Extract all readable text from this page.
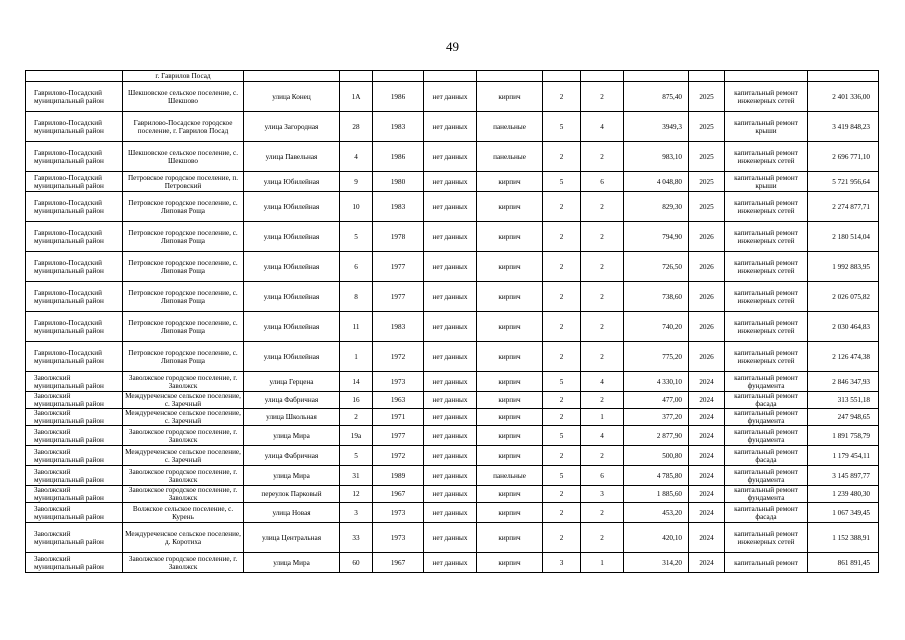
49
	г. Гаврилов Посад											
Гаврилово-Посадский муниципальный район	Шекшовское сельское поселение, с. Шекшово	улица Конец	1А	1986	нет данных	кирпич	2	2	875,40	2025	капитальный ремонт инженерных сетей	2 401 336,00
Гаврилово-Посадский муниципальный район	Гаврилово-Посадское городское поселение, г. Гаврилов Посад	улица Загородная	28	1983	нет данных	панельные	5	4	3949,3	2025	капитальный ремонт крыши	3 419 848,23
Гаврилово-Посадский муниципальный район	Шекшовское сельское поселение, с. Шекшово	улица Павельная	4	1986	нет данных	панельные	2	2	983,10	2025	капитальный ремонт инженерных сетей	2 696 771,10
Гаврилово-Посадский муниципальный район	Петровское городское поселение, п. Петровский	улица Юбилейная	9	1980	нет данных	кирпич	5	6	4 048,80	2025	капитальный ремонт крыши	5 721 956,64
Гаврилово-Посадский муниципальный район	Петровское городское поселение, с. Липовая Роща	улица Юбилейная	10	1983	нет данных	кирпич	2	2	829,30	2025	капитальный ремонт инженерных сетей	2 274 877,71
Гаврилово-Посадский муниципальный район	Петровское городское поселение, с. Липовая Роща	улица Юбилейная	5	1978	нет данных	кирпич	2	2	794,90	2026	капитальный ремонт инженерных сетей	2 180 514,04
Гаврилово-Посадский муниципальный район	Петровское городское поселение, с. Липовая Роща	улица Юбилейная	6	1977	нет данных	кирпич	2	2	726,50	2026	капитальный ремонт инженерных сетей	1 992 883,95
Гаврилово-Посадский муниципальный район	Петровское городское поселение, с. Липовая Роща	улица Юбилейная	8	1977	нет данных	кирпич	2	2	738,60	2026	капитальный ремонт инженерных сетей	2 026 075,82
Гаврилово-Посадский муниципальный район	Петровское городское поселение, с. Липовая Роща	улица Юбилейная	11	1983	нет данных	кирпич	2	2	740,20	2026	капитальный ремонт инженерных сетей	2 030 464,83
Гаврилово-Посадский муниципальный район	Петровское городское поселение, с. Липовая Роща	улица Юбилейная	1	1972	нет данных	кирпич	2	2	775,20	2026	капитальный ремонт инженерных сетей	2 126 474,38
Заволжский муниципальный район	Заволжское городское поселение, г. Заволжск	улица Герцена	14	1973	нет данных	кирпич	5	4	4 330,10	2024	капитальный ремонт фундамента	2 846 347,93
Заволжский муниципальный район	Междуреченское сельское поселение, с. Заречный	улица Фабричная	16	1963	нет данных	кирпич	2	2	477,00	2024	капитальный ремонт фасада	313 551,18
Заволжский муниципальный район	Междуреченское сельское поселение, с. Заречный	улица Школьная	2	1971	нет данных	кирпич	2	1	377,20	2024	капитальный ремонт фундамента	247 948,65
Заволжский муниципальный район	Заволжское городское поселение, г. Заволжск	улица Мира	19а	1977	нет данных	кирпич	5	4	2 877,90	2024	капитальный ремонт фундамента	1 891 758,79
Заволжский муниципальный район	Междуреченское сельское поселение, с. Заречный	улица Фабричная	5	1972	нет данных	кирпич	2	2	500,80	2024	капитальный ремонт фасада	1 179 454,11
Заволжский муниципальный район	Заволжское городское поселение, г. Заволжск	улица Мира	31	1989	нет данных	панельные	5	6	4 785,80	2024	капитальный ремонт фундамента	3 145 897,77
Заволжский муниципальный район	Заволжское городское поселение, г. Заволжск	переулок Парковый	12	1967	нет данных	кирпич	2	3	1 885,60	2024	капитальный ремонт фундамента	1 239 480,30
Заволжский муниципальный район	Волжское сельское поселение, с. Курень	улица Новая	3	1973	нет данных	кирпич	2	2	453,20	2024	капитальный ремонт фасада	1 067 349,45
Заволжский муниципальный район	Междуреченское сельское поселение, д. Коротиха	улица Центральная	33	1973	нет данных	кирпич	2	2	420,10	2024	капитальный ремонт инженерных сетей	1 152 388,91
Заволжский муниципальный район	Заволжское городское поселение, г. Заволжск	улица Мира	60	1967	нет данных	кирпич	3	1	314,20	2024	капитальный ремонт	861 891,45
